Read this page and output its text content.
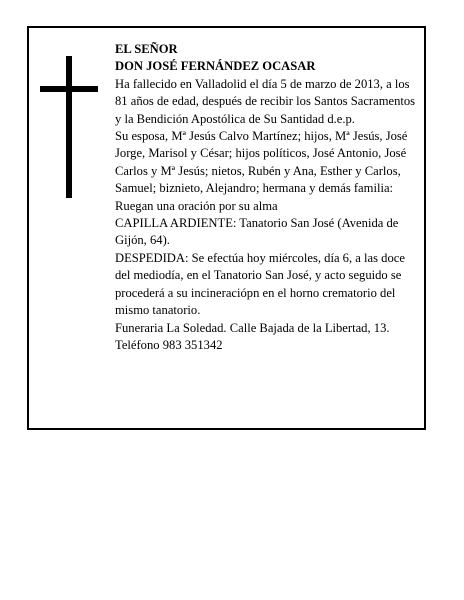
EL SEÑOR

DON JOSÉ FERNÁNDEZ OCASAR

Ha fallecido en Valladolid el día 5 de marzo de 2013, a los 81 años de edad, después de recibir los Santos Sacramentos y la Bendición Apostólica de Su Santidad d.e.p.

Su esposa, Mª Jesús Calvo Martínez; hijos, Mª Jesús, José Jorge, Marisol y César; hijos políticos, José Antonio, José Carlos y Mª Jesús; nietos, Rubén y Ana, Esther y Carlos, Samuel; biznieto, Alejandro; hermana y demás familia:

Ruegan una oración por su alma

CAPILLA ARDIENTE: Tanatorio San José (Avenida de Gijón, 64).

DESPEDIDA: Se efectúa hoy miércoles, día 6, a las doce del mediodía, en el Tanatorio San José, y acto seguido se procederá a su incineraciópn en el horno crematorio del mismo tanatorio.

Funeraria La Soledad. Calle Bajada de la Libertad, 13. Teléfono 983 351342
